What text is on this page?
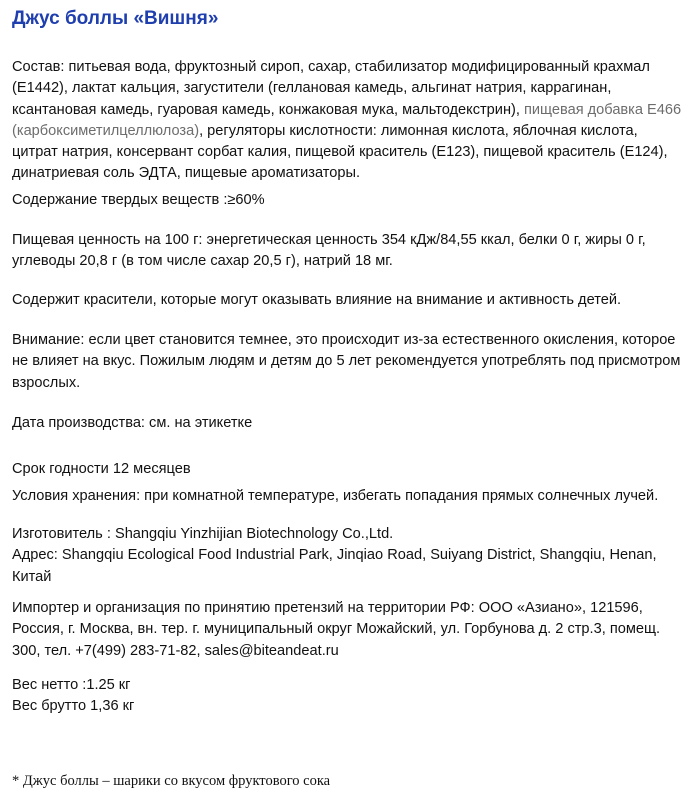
Джус боллы «Вишня»

Состав: питьевая вода, фруктозный сироп, сахар, стабилизатор модифицированный крахмал (Е1442), лактат кальция, загустители (геллановая камедь, альгинат натрия, каррагинан, ксантановая камедь, гуаровая камедь, конжаковая мука, мальтодекстрин), пищевая добавка Е466 (карбоксиметилцеллюлоза), регуляторы кислотности: лимонная кислота, яблочная кислота, цитрат натрия, консервант сорбат калия, пищевой краситель (Е123), пищевой краситель (Е124), динатриевая соль ЭДТА, пищевые ароматизаторы.

Содержание твердых веществ :≥60%

Пищевая ценность на 100 г: энергетическая ценность 354 кДж/84,55 ккал, белки 0 г, жиры 0 г, углеводы 20,8 г (в том числе сахар 20,5 г), натрий 18 мг.

Содержит красители, которые могут оказывать влияние на внимание и активность детей.

Внимание: если цвет становится темнее, это происходит из-за естественного окисления, которое не влияет на вкус. Пожилым людям и детям до 5 лет рекомендуется употреблять под присмотром взрослых.

Дата производства: см. на этикетке

Срок годности 12 месяцев

Условия хранения: при комнатной температуре, избегать попадания прямых солнечных лучей.

Изготовитель : Shangqiu Yinzhijian Biotechnology Co.,Ltd.
Адрес: Shangqiu Ecological Food Industrial Park, Jinqiao Road, Suiyang District, Shangqiu, Henan, Китай

Импортер и организация по принятию претензий на территории РФ: ООО «Азиано», 121596, Россия, г. Москва, вн. тер. г. муниципальный округ Можайский, ул. Горбунова д. 2 стр.3, помещ. 300, тел. +7(499) 283-71-82, sales@biteandeat.ru

Вес нетто :1.25 кг
Вес брутто 1,36 кг

* Джус боллы – шарики со вкусом фруктового сока
